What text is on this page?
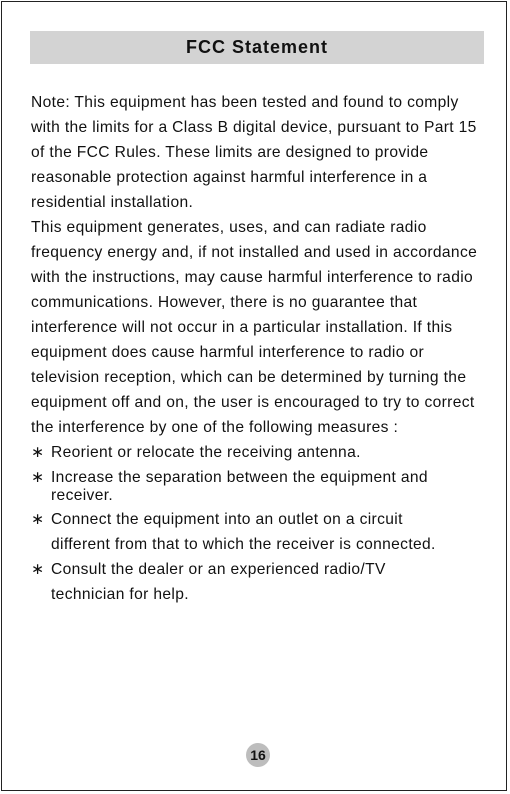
FCC Statement

Note: This equipment has been tested and found to comply with the limits for a Class B digital device, pursuant to Part 15 of the FCC Rules. These limits are designed to provide reasonable protection against harmful interference in a residential installation.

This equipment generates, uses, and can radiate radio frequency energy and, if not installed and used in accordance with the instructions, may cause harmful interference to radio communications. However, there is no guarantee that interference will not occur in a particular installation. If this equipment does cause harmful interference to radio or television reception, which can be determined by turning the equipment off and on, the user is encouraged to try to correct the interference by one of the following measures :

∗ Reorient or relocate the receiving antenna.
∗ Increase the separation between the equipment and
receiver.
∗ Connect the equipment into an outlet on a circuit
different from that to which the receiver is connected.
∗ Consult the dealer or an experienced radio/TV
technician for help.
16
